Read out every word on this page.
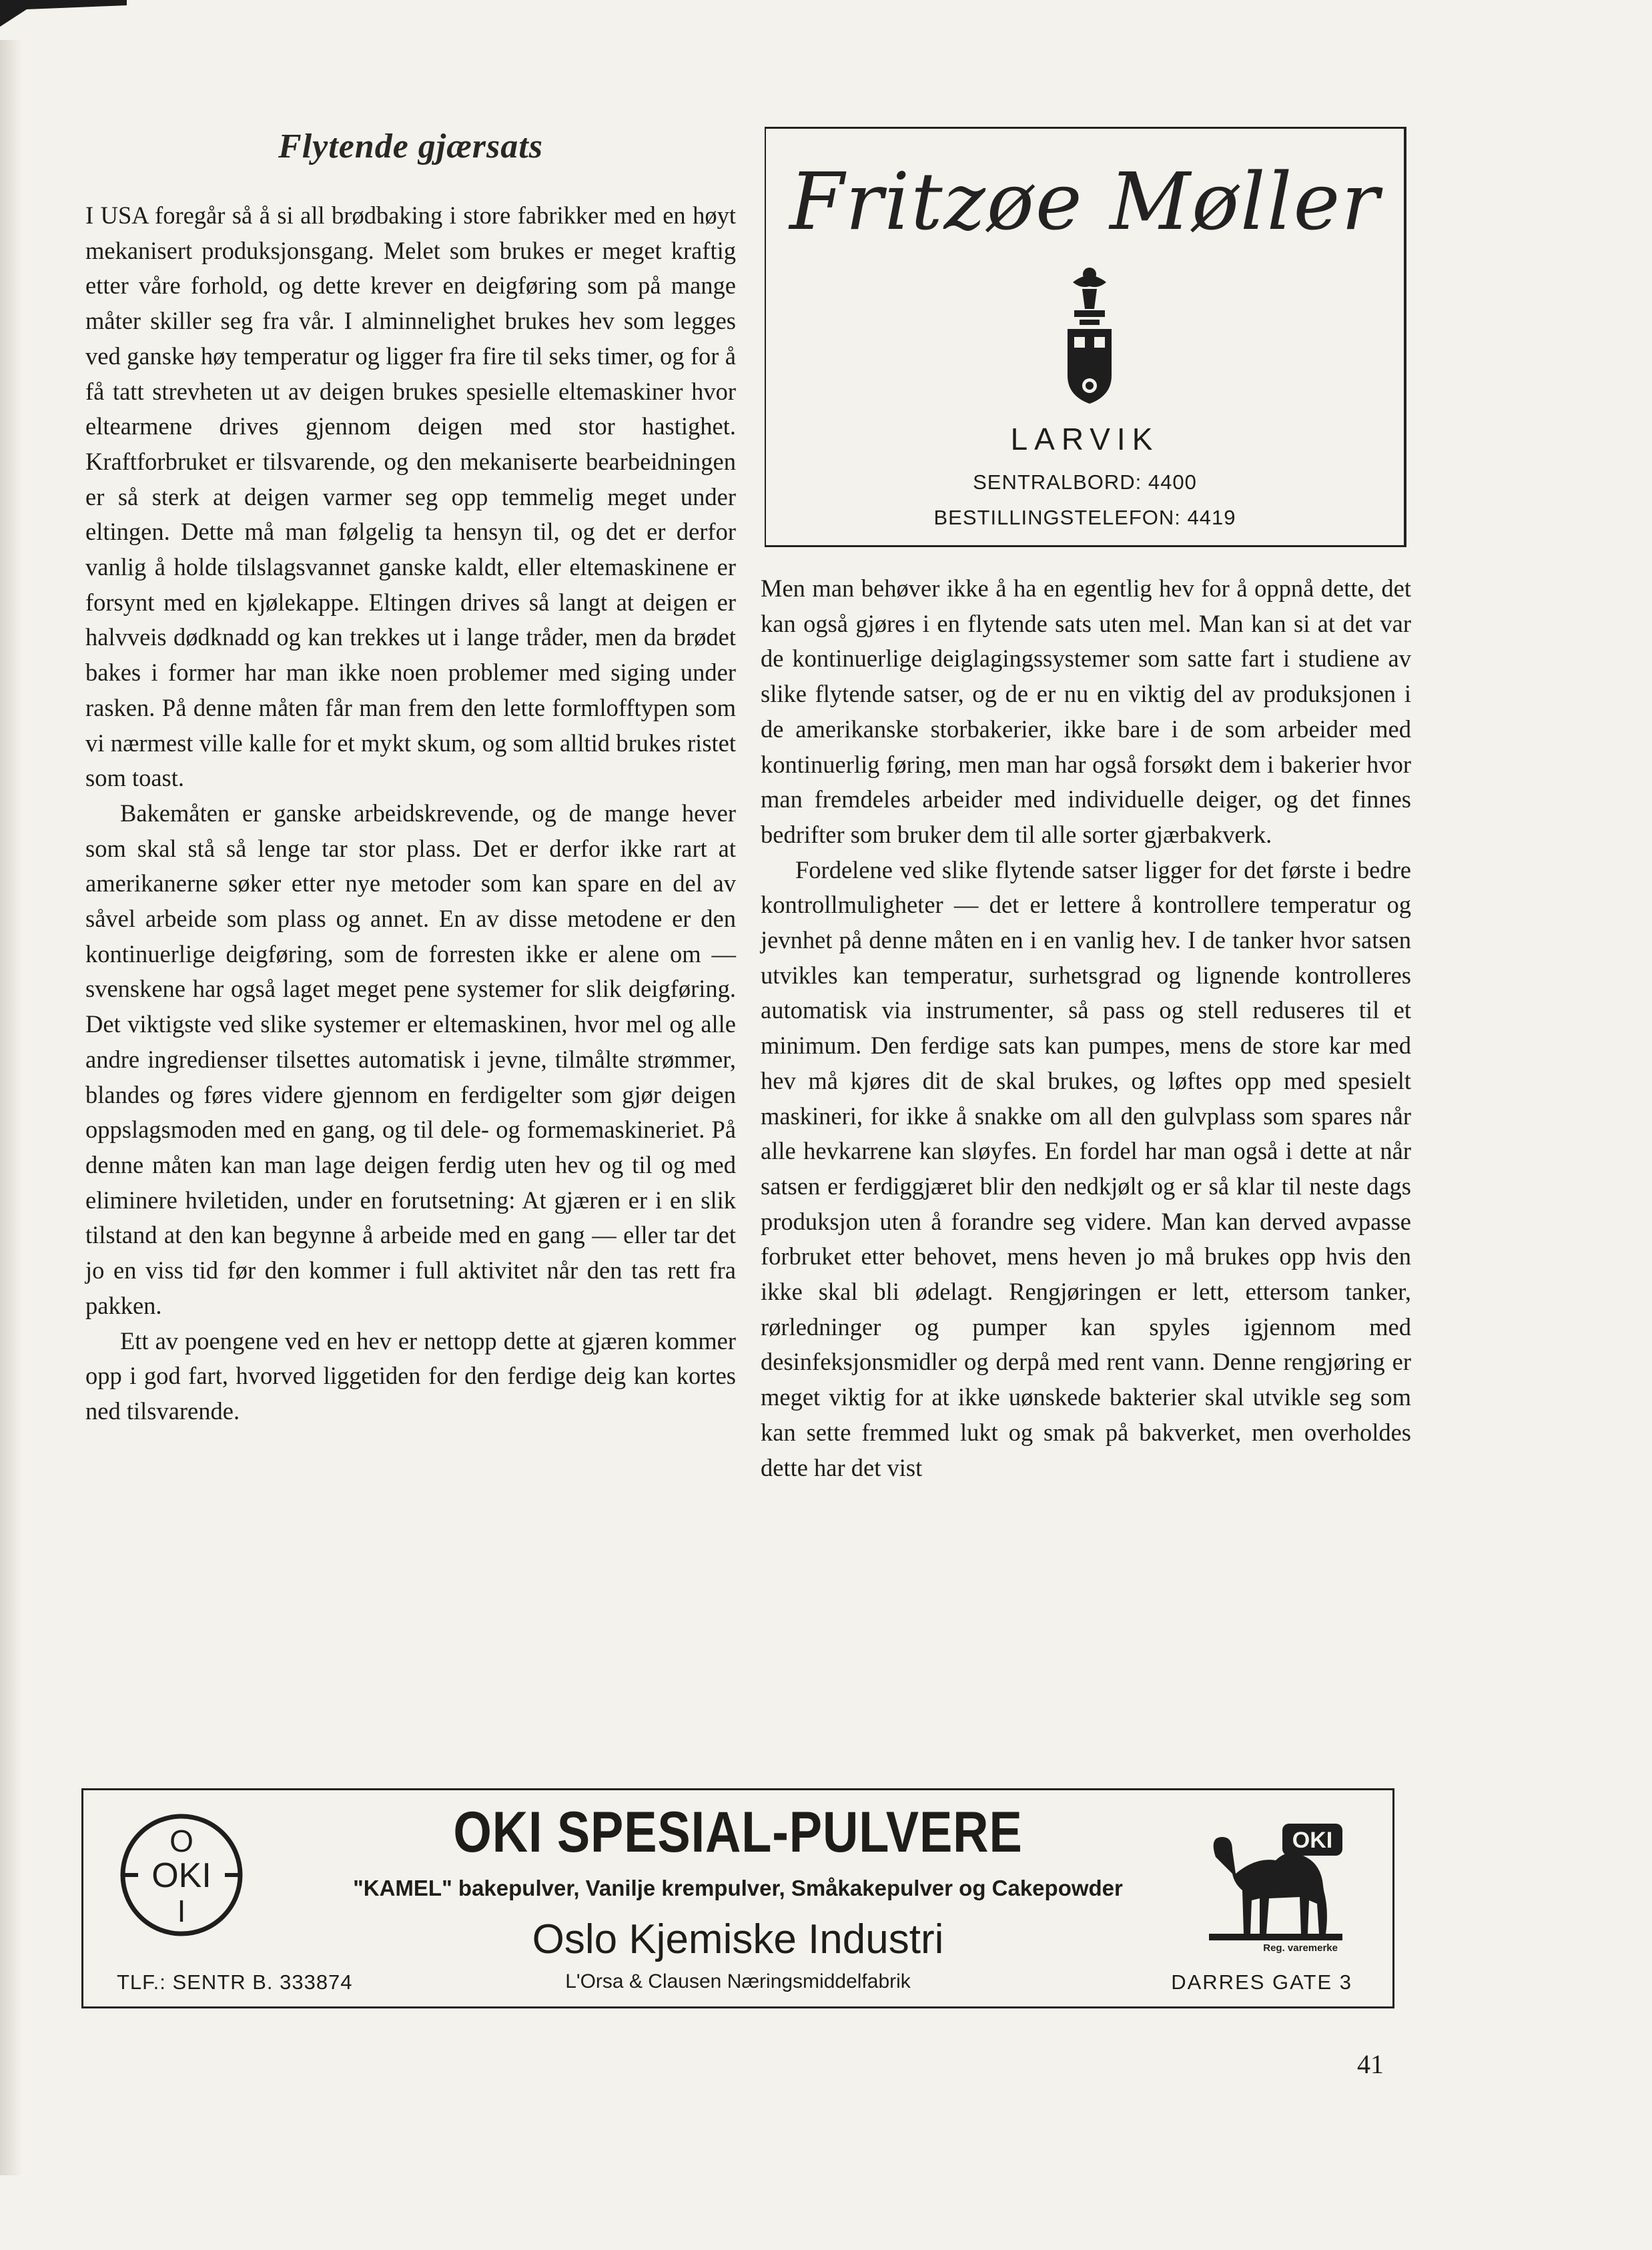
Flytende gjærsats

I USA foregår så å si all brødbaking i store fabrikker med en høyt mekanisert produksjonsgang. Melet som brukes er meget kraftig etter våre forhold, og dette krever en deigføring som på mange måter skiller seg fra vår. I alminnelighet brukes hev som legges ved ganske høy temperatur og ligger fra fire til seks timer, og for å få tatt strevheten ut av deigen brukes spesielle eltemaskiner hvor eltearmene drives gjennom deigen med stor hastighet. Kraftforbruket er tilsvarende, og den mekaniserte bearbeidningen er så sterk at deigen varmer seg opp temmelig meget under eltingen. Dette må man følgelig ta hensyn til, og det er derfor vanlig å holde tilslagsvannet ganske kaldt, eller eltemaskinene er forsynt med en kjølekappe. Eltingen drives så langt at deigen er halvveis dødknadd og kan trekkes ut i lange tråder, men da brødet bakes i former har man ikke noen problemer med siging under rasken. På denne måten får man frem den lette formlofftypen som vi nærmest ville kalle for et mykt skum, og som alltid brukes ristet som toast.

Bakemåten er ganske arbeidskrevende, og de mange hever som skal stå så lenge tar stor plass. Det er derfor ikke rart at amerikanerne søker etter nye metoder som kan spare en del av såvel arbeide som plass og annet. En av disse metodene er den kontinuerlige deigføring, som de forresten ikke er alene om — svenskene har også laget meget pene systemer for slik deigføring. Det viktigste ved slike systemer er eltemaskinen, hvor mel og alle andre ingredienser tilsettes automatisk i jevne, tilmålte strømmer, blandes og føres videre gjennom en ferdigelter som gjør deigen oppslagsmoden med en gang, og til dele- og formemaskineriet. På denne måten kan man lage deigen ferdig uten hev og til og med eliminere hviletiden, under en forutsetning: At gjæren er i en slik tilstand at den kan begynne å arbeide med en gang — eller tar det jo en viss tid før den kommer i full aktivitet når den tas rett fra pakken.

Ett av poengene ved en hev er nettopp dette at gjæren kommer opp i god fart, hvorved liggetiden for den ferdige deig kan kortes ned tilsvarende.

Fritzøe Møller
LARVIK
SENTRALBORD: 4400
BESTILLINGSTELEFON: 4419

Men man behøver ikke å ha en egentlig hev for å oppnå dette, det kan også gjøres i en flytende sats uten mel. Man kan si at det var de kontinuerlige deiglagingssystemer som satte fart i studiene av slike flytende satser, og de er nu en viktig del av produksjonen i de amerikanske storbakerier, ikke bare i de som arbeider med kontinuerlig føring, men man har også forsøkt dem i bakerier hvor man fremdeles arbeider med individuelle deiger, og det finnes bedrifter som bruker dem til alle sorter gjærbakverk.

Fordelene ved slike flytende satser ligger for det første i bedre kontrollmuligheter — det er lettere å kontrollere temperatur og jevnhet på denne måten en i en vanlig hev. I de tanker hvor satsen utvikles kan temperatur, surhetsgrad og lignende kontrolleres automatisk via instrumenter, så pass og stell reduseres til et minimum. Den ferdige sats kan pumpes, mens de store kar med hev må kjøres dit de skal brukes, og løftes opp med spesielt maskineri, for ikke å snakke om all den gulvplass som spares når alle hevkarrene kan sløyfes. En fordel har man også i dette at når satsen er ferdiggjæret blir den nedkjølt og er så klar til neste dags produksjon uten å forandre seg videre. Man kan derved avpasse forbruket etter behovet, mens heven jo må brukes opp hvis den ikke skal bli ødelagt. Rengjøringen er lett, ettersom tanker, rørledninger og pumper kan spyles igjennom med desinfeksjonsmidler og derpå med rent vann. Denne rengjøring er meget viktig for at ikke uønskede bakterier skal utvikle seg som kan sette fremmed lukt og smak på bakverket, men overholdes dette har det vist

O
OKI
I
OKI SPESIAL-PULVERE
"KAMEL" bakepulver, Vanilje krempulver, Småkakepulver og Cakepowder
Oslo Kjemiske Industri
L'Orsa & Clausen Næringsmiddelfabrik
TLF.: SENTR B. 333874
OKI
Reg. varemerke
DARRES GATE 3
41
